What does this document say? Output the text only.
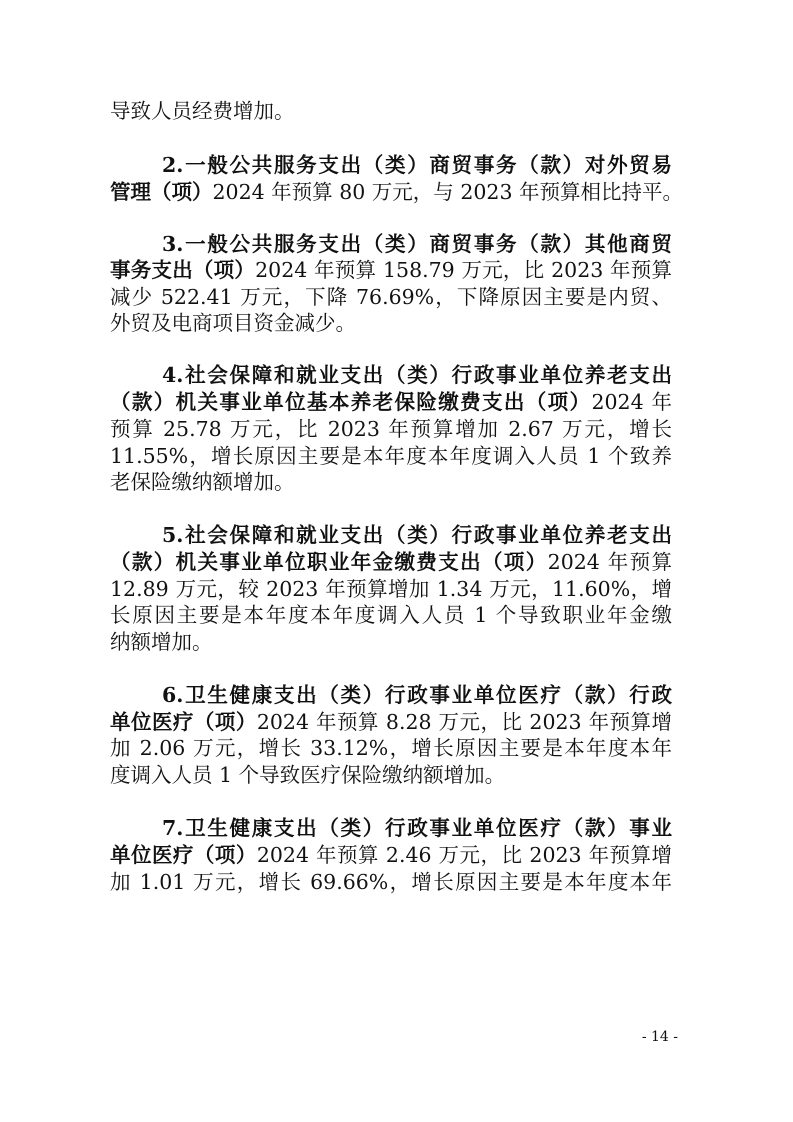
导致人员经费增加。
2.一般公共服务支出（类）商贸事务（款）对外贸易
管理（项）2024 年预算 80 万元，与 2023 年预算相比持平。
3.一般公共服务支出（类）商贸事务（款）其他商贸
事务支出（项）2024 年预算 158.79 万元，比 2023 年预算
减少 522.41 万元，下降 76.69%，下降原因主要是内贸、
外贸及电商项目资金减少。
4.社会保障和就业支出（类）行政事业单位养老支出
（款）机关事业单位基本养老保险缴费支出（项）2024 年
预算 25.78 万元，比 2023 年预算增加 2.67 万元，增长
11.55%，增长原因主要是本年度本年度调入人员 1 个致养
老保险缴纳额增加。
5.社会保障和就业支出（类）行政事业单位养老支出
（款）机关事业单位职业年金缴费支出（项）2024 年预算
12.89 万元，较 2023 年预算增加 1.34 万元，11.60%，增
长原因主要是本年度本年度调入人员 1 个导致职业年金缴
纳额增加。
6.卫生健康支出（类）行政事业单位医疗（款）行政
单位医疗（项）2024 年预算 8.28 万元，比 2023 年预算增
加 2.06 万元，增长 33.12%，增长原因主要是本年度本年
度调入人员 1 个导致医疗保险缴纳额增加。
7.卫生健康支出（类）行政事业单位医疗（款）事业
单位医疗（项）2024 年预算 2.46 万元，比 2023 年预算增
加 1.01 万元，增长 69.66%，增长原因主要是本年度本年
- 14 -
